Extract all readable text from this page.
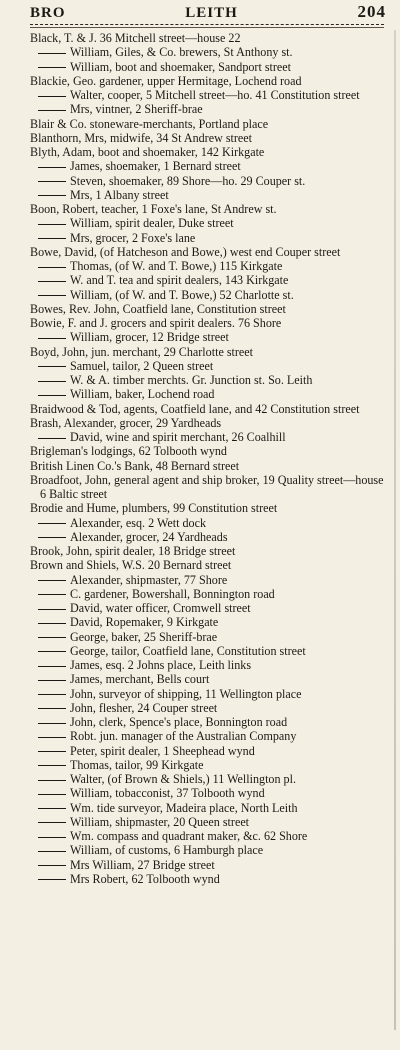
BRO	LEITH	204

Black, T. & J. 36 Mitchell street—house 22

William, Giles, & Co. brewers, St Anthony st.

William, boot and shoemaker, Sandport street

Blackie, Geo. gardener, upper Hermitage, Lochend road

Walter, cooper, 5 Mitchell street—ho. 41 Constitution street

Mrs, vintner, 2 Sheriff-brae

Blair & Co. stoneware-merchants, Portland place

Blanthorn, Mrs, midwife, 34 St Andrew street

Blyth, Adam, boot and shoemaker, 142 Kirkgate

James, shoemaker, 1 Bernard street

Steven, shoemaker, 89 Shore—ho. 29 Couper st.

Mrs, 1 Albany street

Boon, Robert, teacher, 1 Foxe's lane, St Andrew st.

William, spirit dealer, Duke street

Mrs, grocer, 2 Foxe's lane

Bowe, David, (of Hatcheson and Bowe,) west end Couper street

Thomas, (of W. and T. Bowe,) 115 Kirkgate

W. and T. tea and spirit dealers, 143 Kirkgate

William, (of W. and T. Bowe,) 52 Charlotte st.

Bowes, Rev. John, Coatfield lane, Constitution street

Bowie, F. and J. grocers and spirit dealers. 76 Shore

William, grocer, 12 Bridge street

Boyd, John, jun. merchant, 29 Charlotte street

Samuel, tailor, 2 Queen street

W. & A. timber merchts. Gr. Junction st. So. Leith

William, baker, Lochend road

Braidwood & Tod, agents, Coatfield lane, and 42 Constitution street

Brash, Alexander, grocer, 29 Yardheads

David, wine and spirit merchant, 26 Coalhill

Brigleman's lodgings, 62 Tolbooth wynd

British Linen Co.'s Bank, 48 Bernard street

Broadfoot, John, general agent and ship broker, 19 Quality street—house 6 Baltic street

Brodie and Hume, plumbers, 99 Constitution street

Alexander, esq. 2 Wett dock

Alexander, grocer, 24 Yardheads

Brook, John, spirit dealer, 18 Bridge street

Brown and Shiels, W.S. 20 Bernard street

Alexander, shipmaster, 77 Shore

C. gardener, Bowershall, Bonnington road

David, water officer, Cromwell street

David, Ropemaker, 9 Kirkgate

George, baker, 25 Sheriff-brae

George, tailor, Coatfield lane, Constitution street

James, esq. 2 Johns place, Leith links

James, merchant, Bells court

John, surveyor of shipping, 11 Wellington place

John, flesher, 24 Couper street

John, clerk, Spence's place, Bonnington road

Robt. jun. manager of the Australian Company

Peter, spirit dealer, 1 Sheephead wynd

Thomas, tailor, 99 Kirkgate

Walter, (of Brown & Shiels,) 11 Wellington pl.

William, tobacconist, 37 Tolbooth wynd

Wm. tide surveyor, Madeira place, North Leith

William, shipmaster, 20 Queen street

Wm. compass and quadrant maker, &c. 62 Shore

William, of customs, 6 Hamburgh place

Mrs William, 27 Bridge street

Mrs Robert, 62 Tolbooth wynd
